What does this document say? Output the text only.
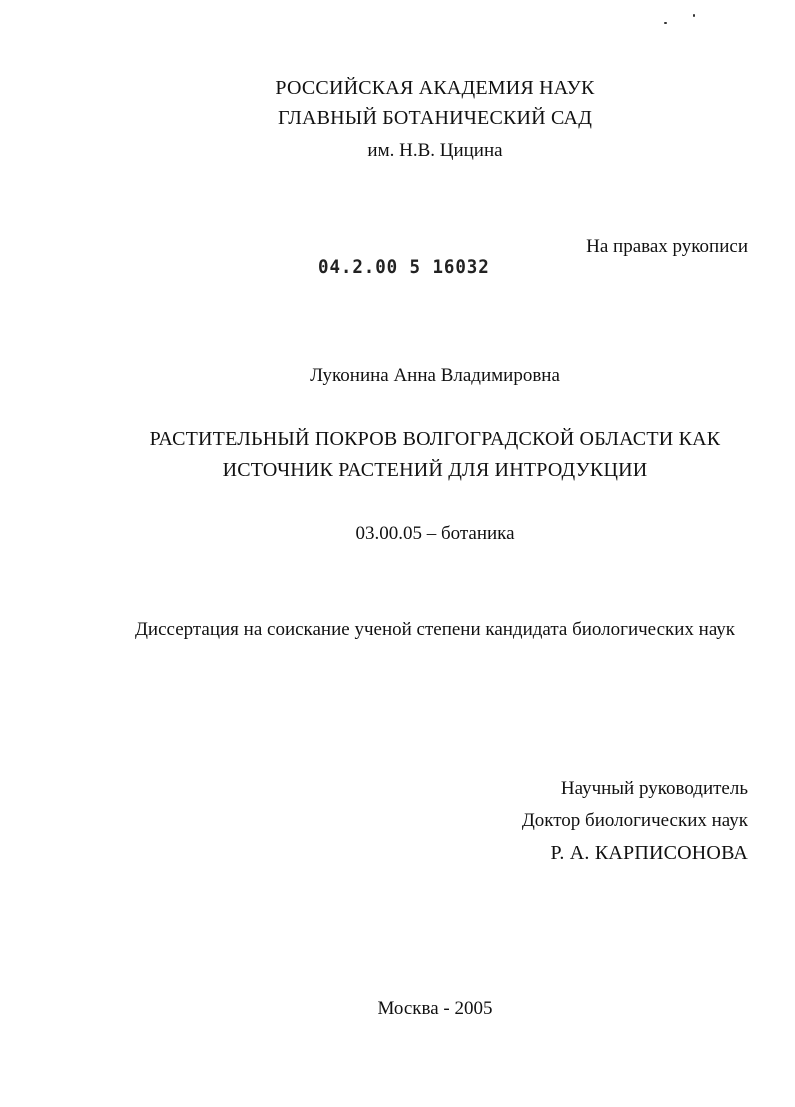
РОССИЙСКАЯ АКАДЕМИЯ НАУК
ГЛАВНЫЙ БОТАНИЧЕСКИЙ САД
им. Н.В. Цицина
На правах рукописи
04.2.00 5 16032
Луконина Анна Владимировна
РАСТИТЕЛЬНЫЙ ПОКРОВ ВОЛГОГРАДСКОЙ ОБЛАСТИ КАК
ИСТОЧНИК РАСТЕНИЙ ДЛЯ ИНТРОДУКЦИИ
03.00.05 – ботаника
Диссертация на соискание ученой степени кандидата биологических наук
Научный руководитель
Доктор биологических наук
Р. А. КАРПИСОНОВА
Москва - 2005
